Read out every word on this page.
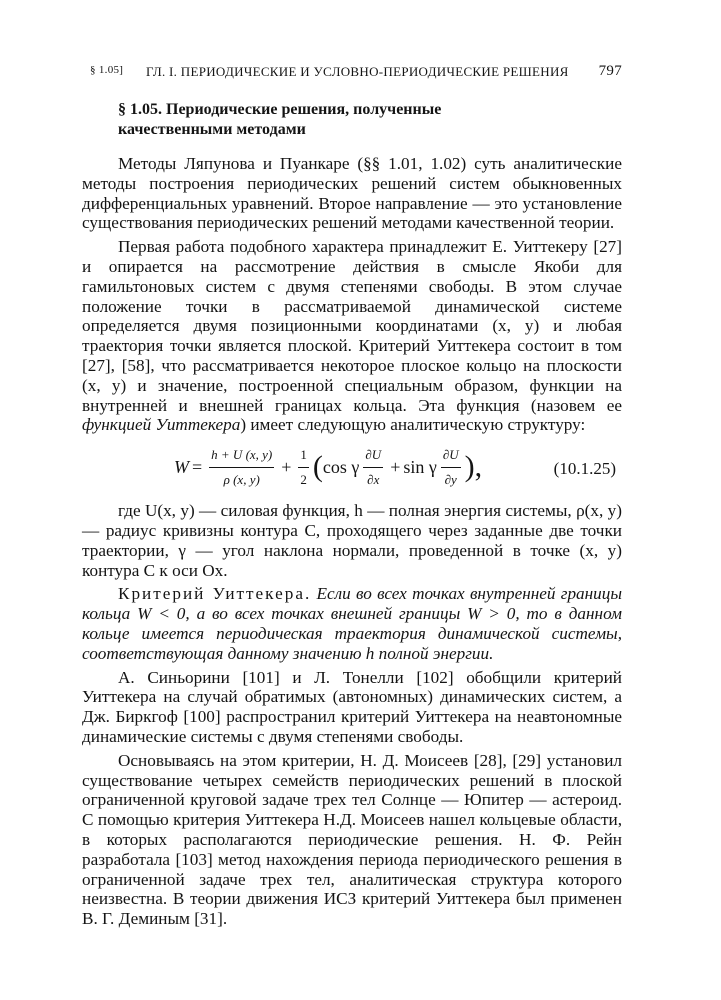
§ 1.05] ГЛ. I. ПЕРИОДИЧЕСКИЕ И УСЛОВНО-ПЕРИОДИЧЕСКИЕ РЕШЕНИЯ 797
§ 1.05. Периодические решения, полученные
качественными методами

Методы Ляпунова и Пуанкаре (§§ 1.01, 1.02) суть аналитические методы построения периодических решений систем обыкновенных дифференциальных уравнений. Второе направление — это установление существования периодических решений методами качественной теории.

Первая работа подобного характера принадлежит Е. Уиттекеру [27] и опирается на рассмотрение действия в смысле Якоби для гамильтоновых систем с двумя степенями свободы. В этом случае положение точки в рассматриваемой динамической системе определяется двумя позиционными координатами (x, y) и любая траектория точки является плоской. Критерий Уиттекера состоит в том [27], [58], что рассматривается некоторое плоское кольцо на плоскости (x, y) и значение, построенной специальным образом, функции на внутренней и внешней границах кольца. Эта функция (назовем ее функцией Уиттекера) имеет следующую аналитическую структуру:

$W = \frac{h + U (x, y)}{\rho (x, y)} + \frac{1}{2}$ ( cos γ $\frac{\partial U}{\partial x} + \sin \gamma \frac{\partial U}{\partial y}$ ),	(10.1.25)

где U(x, y) — силовая функция, h — полная энергия системы, ρ(x, y) — радиус кривизны контура C, проходящего через заданные две точки траектории, γ — угол наклона нормали, проведенной в точке (x, y) контура C к оси Ox.

Критерий Уиттекера. Если во всех точках внутренней границы кольца W < 0, а во всех точках внешней границы W > 0, то в данном кольце имеется периодическая траектория динамической системы, соответствующая данному значению h полной энергии.

А. Синьорини [101] и Л. Тонелли [102] обобщили критерий Уиттекера на случай обратимых (автономных) динамических систем, а Дж. Биркгоф [100] распространил критерий Уиттекера на неавтономные динамические системы с двумя степенями свободы.

Основываясь на этом критерии, Н. Д. Моисеев [28], [29] установил существование четырех семейств периодических решений в плоской ограниченной круговой задаче трех тел Солнце — Юпитер — астероид. С помощью критерия Уиттекера Н.Д. Моисеев нашел кольцевые области, в которых располагаются периодические решения. Н. Ф. Рейн разработала [103] метод нахождения периода периодического решения в ограниченной задаче трех тел, аналитическая структура которого неизвестна. В теории движения ИСЗ критерий Уиттекера был применен В. Г. Деминым [31].
